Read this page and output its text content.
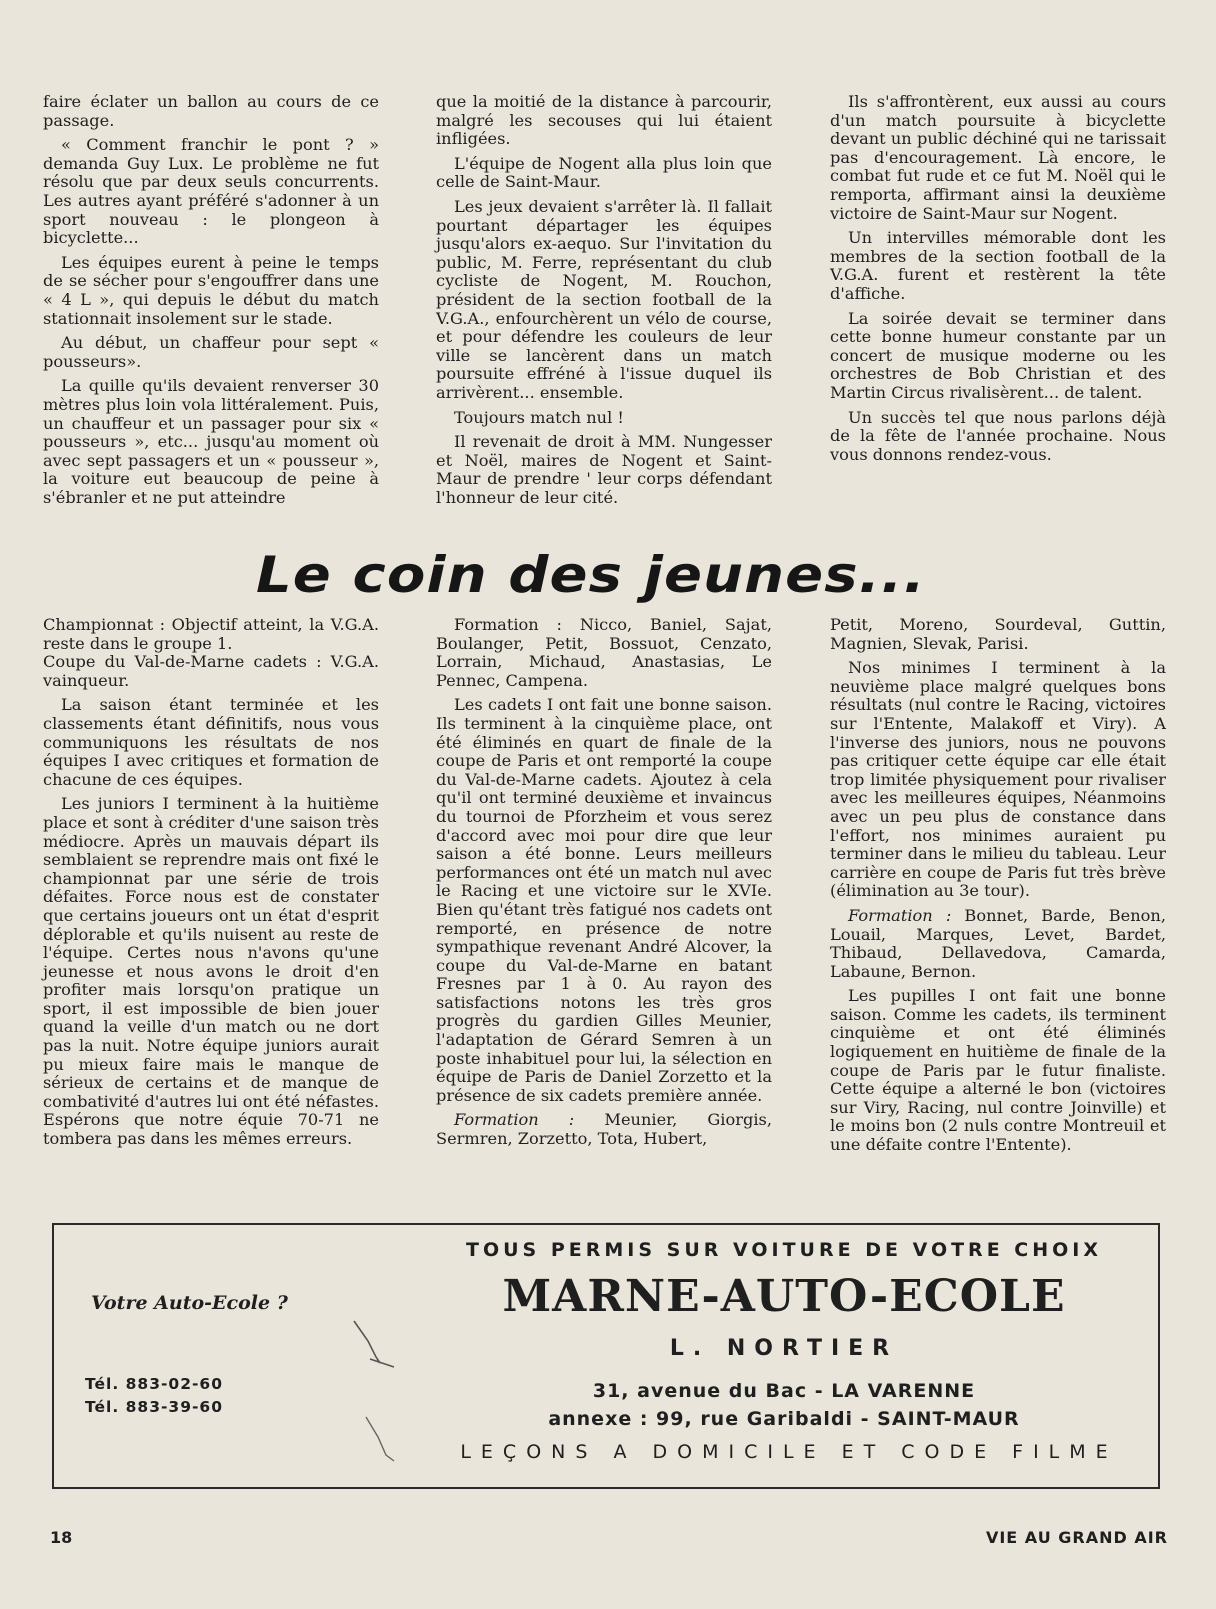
faire éclater un ballon au cours de ce passage.

« Comment franchir le pont ? » demanda Guy Lux. Le problème ne fut résolu que par deux seuls concurrents. Les autres ayant préféré s'adonner à un sport nouveau : le plongeon à bicyclette...

Les équipes eurent à peine le temps de se sécher pour s'engouffrer dans une « 4 L », qui depuis le début du match stationnait insolement sur le stade.

Au début, un chaffeur pour sept « pousseurs».

La quille qu'ils devaient renverser 30 mètres plus loin vola littéralement. Puis, un chauffeur et un passager pour six « pousseurs », etc... jusqu'au moment où avec sept passagers et un « pousseur », la voiture eut beaucoup de peine à s'ébranler et ne put atteindre

que la moitié de la distance à parcourir, malgré les secouses qui lui étaient infligées.

L'équipe de Nogent alla plus loin que celle de Saint-Maur.

Les jeux devaient s'arrêter là. Il fallait pourtant départager les équipes jusqu'alors ex-aequo. Sur l'invitation du public, M. Ferre, représentant du club cycliste de Nogent, M. Rouchon, président de la section football de la V.G.A., enfourchèrent un vélo de course, et pour défendre les couleurs de leur ville se lancèrent dans un match poursuite effréné à l'issue duquel ils arrivèrent... ensemble.

Toujours match nul !

Il revenait de droit à MM. Nungesser et Noël, maires de Nogent et Saint-Maur de prendre ' leur corps défendant l'honneur de leur cité.

Ils s'affrontèrent, eux aussi au cours d'un match poursuite à bicyclette devant un public déchiné qui ne tarissait pas d'encouragement. Là encore, le combat fut rude et ce fut M. Noël qui le remporta, affirmant ainsi la deuxième victoire de Saint-Maur sur Nogent.

Un intervilles mémorable dont les membres de la section football de la V.G.A. furent et restèrent la tête d'affiche.

La soirée devait se terminer dans cette bonne humeur constante par un concert de musique moderne ou les orchestres de Bob Christian et des Martin Circus rivalisèrent... de talent.

Un succès tel que nous parlons déjà de la fête de l'année prochaine. Nous vous donnons rendez-vous.

Le coin des jeunes...

Championnat : Objectif atteint, la V.G.A. reste dans le groupe 1.

Coupe du Val-de-Marne cadets : V.G.A. vainqueur.

La saison étant terminée et les classements étant définitifs, nous vous communiquons les résultats de nos équipes I avec critiques et formation de chacune de ces équipes.

Les juniors I terminent à la huitième place et sont à créditer d'une saison très médiocre. Après un mauvais départ ils semblaient se reprendre mais ont fixé le championnat par une série de trois défaites. Force nous est de constater que certains joueurs ont un état d'esprit déplorable et qu'ils nuisent au reste de l'équipe. Certes nous n'avons qu'une jeunesse et nous avons le droit d'en profiter mais lorsqu'on pratique un sport, il est impossible de bien jouer quand la veille d'un match ou ne dort pas la nuit. Notre équipe juniors aurait pu mieux faire mais le manque de sérieux de certains et de manque de combativité d'autres lui ont été néfastes. Espérons que notre équie 70-71 ne tombera pas dans les mêmes erreurs.

Formation : Nicco, Baniel, Sajat, Boulanger, Petit, Bossuot, Cenzato, Lorrain, Michaud, Anastasias, Le Pennec, Campena.

Les cadets I ont fait une bonne saison. Ils terminent à la cinquième place, ont été éliminés en quart de finale de la coupe de Paris et ont remporté la coupe du Val-de-Marne cadets. Ajoutez à cela qu'il ont terminé deuxième et invaincus du tournoi de Pforzheim et vous serez d'accord avec moi pour dire que leur saison a été bonne. Leurs meilleurs performances ont été un match nul avec le Racing et une victoire sur le XVIe. Bien qu'étant très fatigué nos cadets ont remporté, en présence de notre sympathique revenant André Alcover, la coupe du Val-de-Marne en batant Fresnes par 1 à 0. Au rayon des satisfactions notons les très gros progrès du gardien Gilles Meunier, l'adaptation de Gérard Semren à un poste inhabituel pour lui, la sélection en équipe de Paris de Daniel Zorzetto et la présence de six cadets première année.

Formation : Meunier, Giorgis, Sermren, Zorzetto, Tota, Hubert,

Petit, Moreno, Sourdeval, Guttin, Magnien, Slevak, Parisi.

Nos minimes I terminent à la neuvième place malgré quelques bons résultats (nul contre le Racing, victoires sur l'Entente, Malakoff et Viry). A l'inverse des juniors, nous ne pouvons pas critiquer cette équipe car elle était trop limitée physiquement pour rivaliser avec les meilleures équipes, Néanmoins avec un peu plus de constance dans l'effort, nos minimes auraient pu terminer dans le milieu du tableau. Leur carrière en coupe de Paris fut très brève (élimination au 3e tour).

Formation : Bonnet, Barde, Benon, Louail, Marques, Levet, Bardet, Thibaud, Dellavedova, Camarda, Labaune, Bernon.

Les pupilles I ont fait une bonne saison. Comme les cadets, ils terminent cinquième et ont été éliminés logiquement en huitième de finale de la coupe de Paris par le futur finaliste. Cette équipe a alterné le bon (victoires sur Viry, Racing, nul contre Joinville) et le moins bon (2 nuls contre Montreuil et une défaite contre l'Entente).

Votre Auto-Ecole ?
Tél. 883-02-60
Tél. 883-39-60
TOUS PERMIS SUR VOITURE DE VOTRE CHOIX
MARNE-AUTO-ECOLE
L. NORTIER
31, avenue du Bac - LA VARENNE
annexe : 99, rue Garibaldi - SAINT-MAUR
LEÇONS A DOMICILE ET CODE FILME
18	VIE AU GRAND AIR
